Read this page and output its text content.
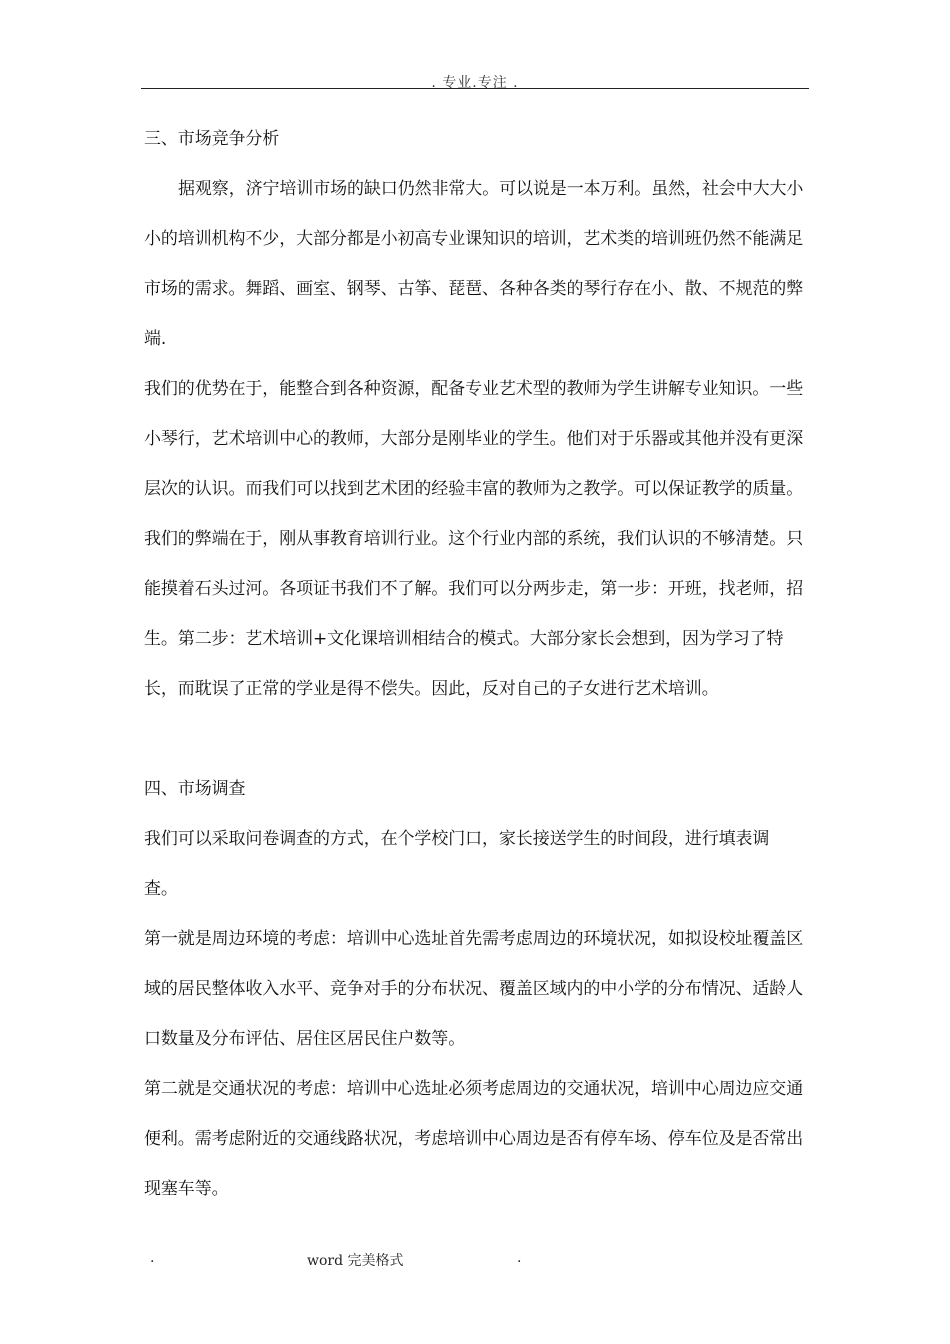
. 专业.专注 .
三、市场竞争分析
据观察，济宁培训市场的缺口仍然非常大。可以说是一本万利。虽然，社会中大大小
小的培训机构不少，大部分都是小初高专业课知识的培训，艺术类的培训班仍然不能满足
市场的需求。舞蹈、画室、钢琴、古筝、琵琶、各种各类的琴行存在小、散、不规范的弊
端.
我们的优势在于，能整合到各种资源，配备专业艺术型的教师为学生讲解专业知识。一些
小琴行，艺术培训中心的教师，大部分是刚毕业的学生。他们对于乐器或其他并没有更深
层次的认识。而我们可以找到艺术团的经验丰富的教师为之教学。可以保证教学的质量。
我们的弊端在于，刚从事教育培训行业。这个行业内部的系统，我们认识的不够清楚。只
能摸着石头过河。各项证书我们不了解。我们可以分两步走，第一步：开班，找老师，招
生。第二步：艺术培训+文化课培训相结合的模式。大部分家长会想到，因为学习了特
长，而耽误了正常的学业是得不偿失。因此，反对自己的子女进行艺术培训。
四、市场调查
我们可以采取问卷调查的方式，在个学校门口，家长接送学生的时间段，进行填表调
查。
第一就是周边环境的考虑：培训中心选址首先需考虑周边的环境状况，如拟设校址覆盖区
域的居民整体收入水平、竞争对手的分布状况、覆盖区域内的中小学的分布情况、适龄人
口数量及分布评估、居住区居民住户数等。
第二就是交通状况的考虑：培训中心选址必须考虑周边的交通状况，培训中心周边应交通
便利。需考虑附近的交通线路状况，考虑培训中心周边是否有停车场、停车位及是否常出
现塞车等。
.	word 完美格式	.
